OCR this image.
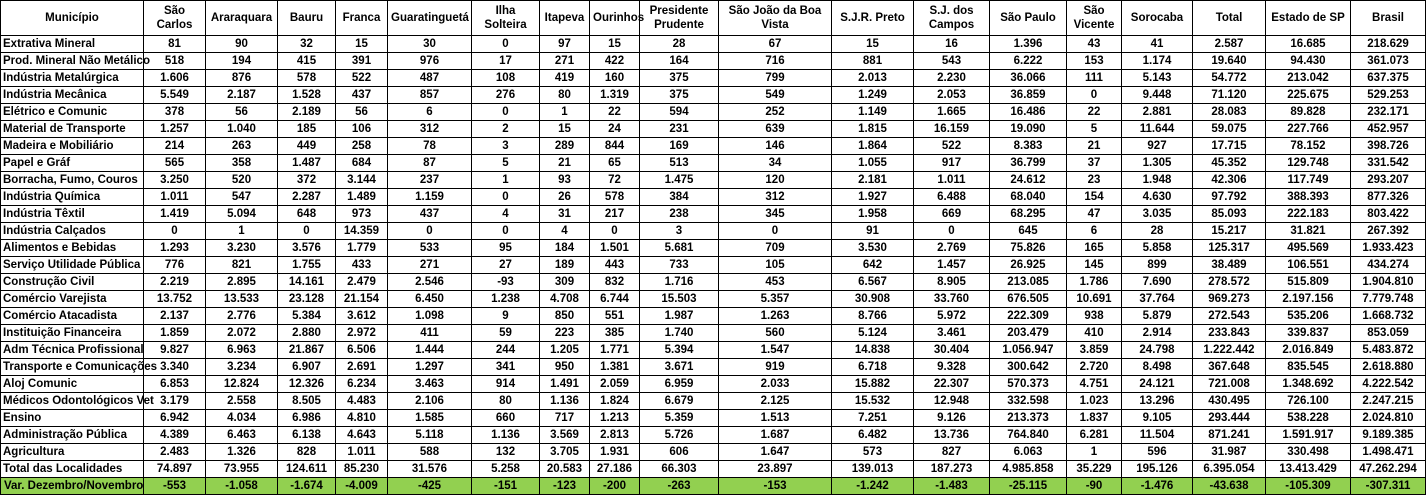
Município	São Carlos	Araraquara	Bauru	Franca	Guaratinguetá	Ilha Solteira	Itapeva	Ourinhos	Presidente Prudente	São João da Boa Vista	S.J.R. Preto	S.J. dos Campos	São Paulo	São Vicente	Sorocaba	Total	Estado de SP	Brasil
Extrativa Mineral	81	90	32	15	30	0	97	15	28	67	15	16	1.396	43	41	2.587	16.685	218.629
Prod. Mineral Não Metálico	518	194	415	391	976	17	271	422	164	716	881	543	6.222	153	1.174	19.640	94.430	361.073
Indústria Metalúrgica	1.606	876	578	522	487	108	419	160	375	799	2.013	2.230	36.066	111	5.143	54.772	213.042	637.375
Indústria Mecânica	5.549	2.187	1.528	437	857	276	80	1.319	375	549	1.249	2.053	36.859	0	9.448	71.120	225.675	529.253
Elétrico e Comunic	378	56	2.189	56	6	0	1	22	594	252	1.149	1.665	16.486	22	2.881	28.083	89.828	232.171
Material de Transporte	1.257	1.040	185	106	312	2	15	24	231	639	1.815	16.159	19.090	5	11.644	59.075	227.766	452.957
Madeira e Mobiliário	214	263	449	258	78	3	289	844	169	146	1.864	522	8.383	21	927	17.715	78.152	398.726
Papel e Gráf	565	358	1.487	684	87	5	21	65	513	34	1.055	917	36.799	37	1.305	45.352	129.748	331.542
Borracha, Fumo, Couros	3.250	520	372	3.144	237	1	93	72	1.475	120	2.181	1.011	24.612	23	1.948	42.306	117.749	293.207
Indústria Química	1.011	547	2.287	1.489	1.159	0	26	578	384	312	1.927	6.488	68.040	154	4.630	97.792	388.393	877.326
Indústria Têxtil	1.419	5.094	648	973	437	4	31	217	238	345	1.958	669	68.295	47	3.035	85.093	222.183	803.422
Indústria Calçados	0	1	0	14.359	0	0	4	0	3	0	91	0	645	6	28	15.217	31.821	267.392
Alimentos e Bebidas	1.293	3.230	3.576	1.779	533	95	184	1.501	5.681	709	3.530	2.769	75.826	165	5.858	125.317	495.569	1.933.423
Serviço Utilidade Pública	776	821	1.755	433	271	27	189	443	733	105	642	1.457	26.925	145	899	38.489	106.551	434.274
Construção Civil	2.219	2.895	14.161	2.479	2.546	-93	309	832	1.716	453	6.567	8.905	213.085	1.786	7.690	278.572	515.809	1.904.810
Comércio Varejista	13.752	13.533	23.128	21.154	6.450	1.238	4.708	6.744	15.503	5.357	30.908	33.760	676.505	10.691	37.764	969.273	2.197.156	7.779.748
Comércio Atacadista	2.137	2.776	5.384	3.612	1.098	9	850	551	1.987	1.263	8.766	5.972	222.309	938	5.879	272.543	535.206	1.668.732
Instituição Financeira	1.859	2.072	2.880	2.972	411	59	223	385	1.740	560	5.124	3.461	203.479	410	2.914	233.843	339.837	853.059
Adm Técnica Profissional	9.827	6.963	21.867	6.506	1.444	244	1.205	1.771	5.394	1.547	14.838	30.404	1.056.947	3.859	24.798	1.222.442	2.016.849	5.483.872
Transporte e Comunicações	3.340	3.234	6.907	2.691	1.297	341	950	1.381	3.671	919	6.718	9.328	300.642	2.720	8.498	367.648	835.545	2.618.880
Aloj Comunic	6.853	12.824	12.326	6.234	3.463	914	1.491	2.059	6.959	2.033	15.882	22.307	570.373	4.751	24.121	721.008	1.348.692	4.222.542
Médicos Odontológicos Vet	3.179	2.558	8.505	4.483	2.106	80	1.136	1.824	6.679	2.125	15.532	12.948	332.598	1.023	13.296	430.495	726.100	2.247.215
Ensino	6.942	4.034	6.986	4.810	1.585	660	717	1.213	5.359	1.513	7.251	9.126	213.373	1.837	9.105	293.444	538.228	2.024.810
Administração Pública	4.389	6.463	6.138	4.643	5.118	1.136	3.569	2.813	5.726	1.687	6.482	13.736	764.840	6.281	11.504	871.241	1.591.917	9.189.385
Agricultura	2.483	1.326	828	1.011	588	132	3.705	1.931	606	1.647	573	827	6.063	1	596	31.987	330.498	1.498.471
Total das Localidades	74.897	73.955	124.611	85.230	31.576	5.258	20.583	27.186	66.303	23.897	139.013	187.273	4.985.858	35.229	195.126	6.395.054	13.413.429	47.262.294
Var. Dezembro/Novembro	-553	-1.058	-1.674	-4.009	-425	-151	-123	-200	-263	-153	-1.242	-1.483	-25.115	-90	-1.476	-43.638	-105.309	-307.311
